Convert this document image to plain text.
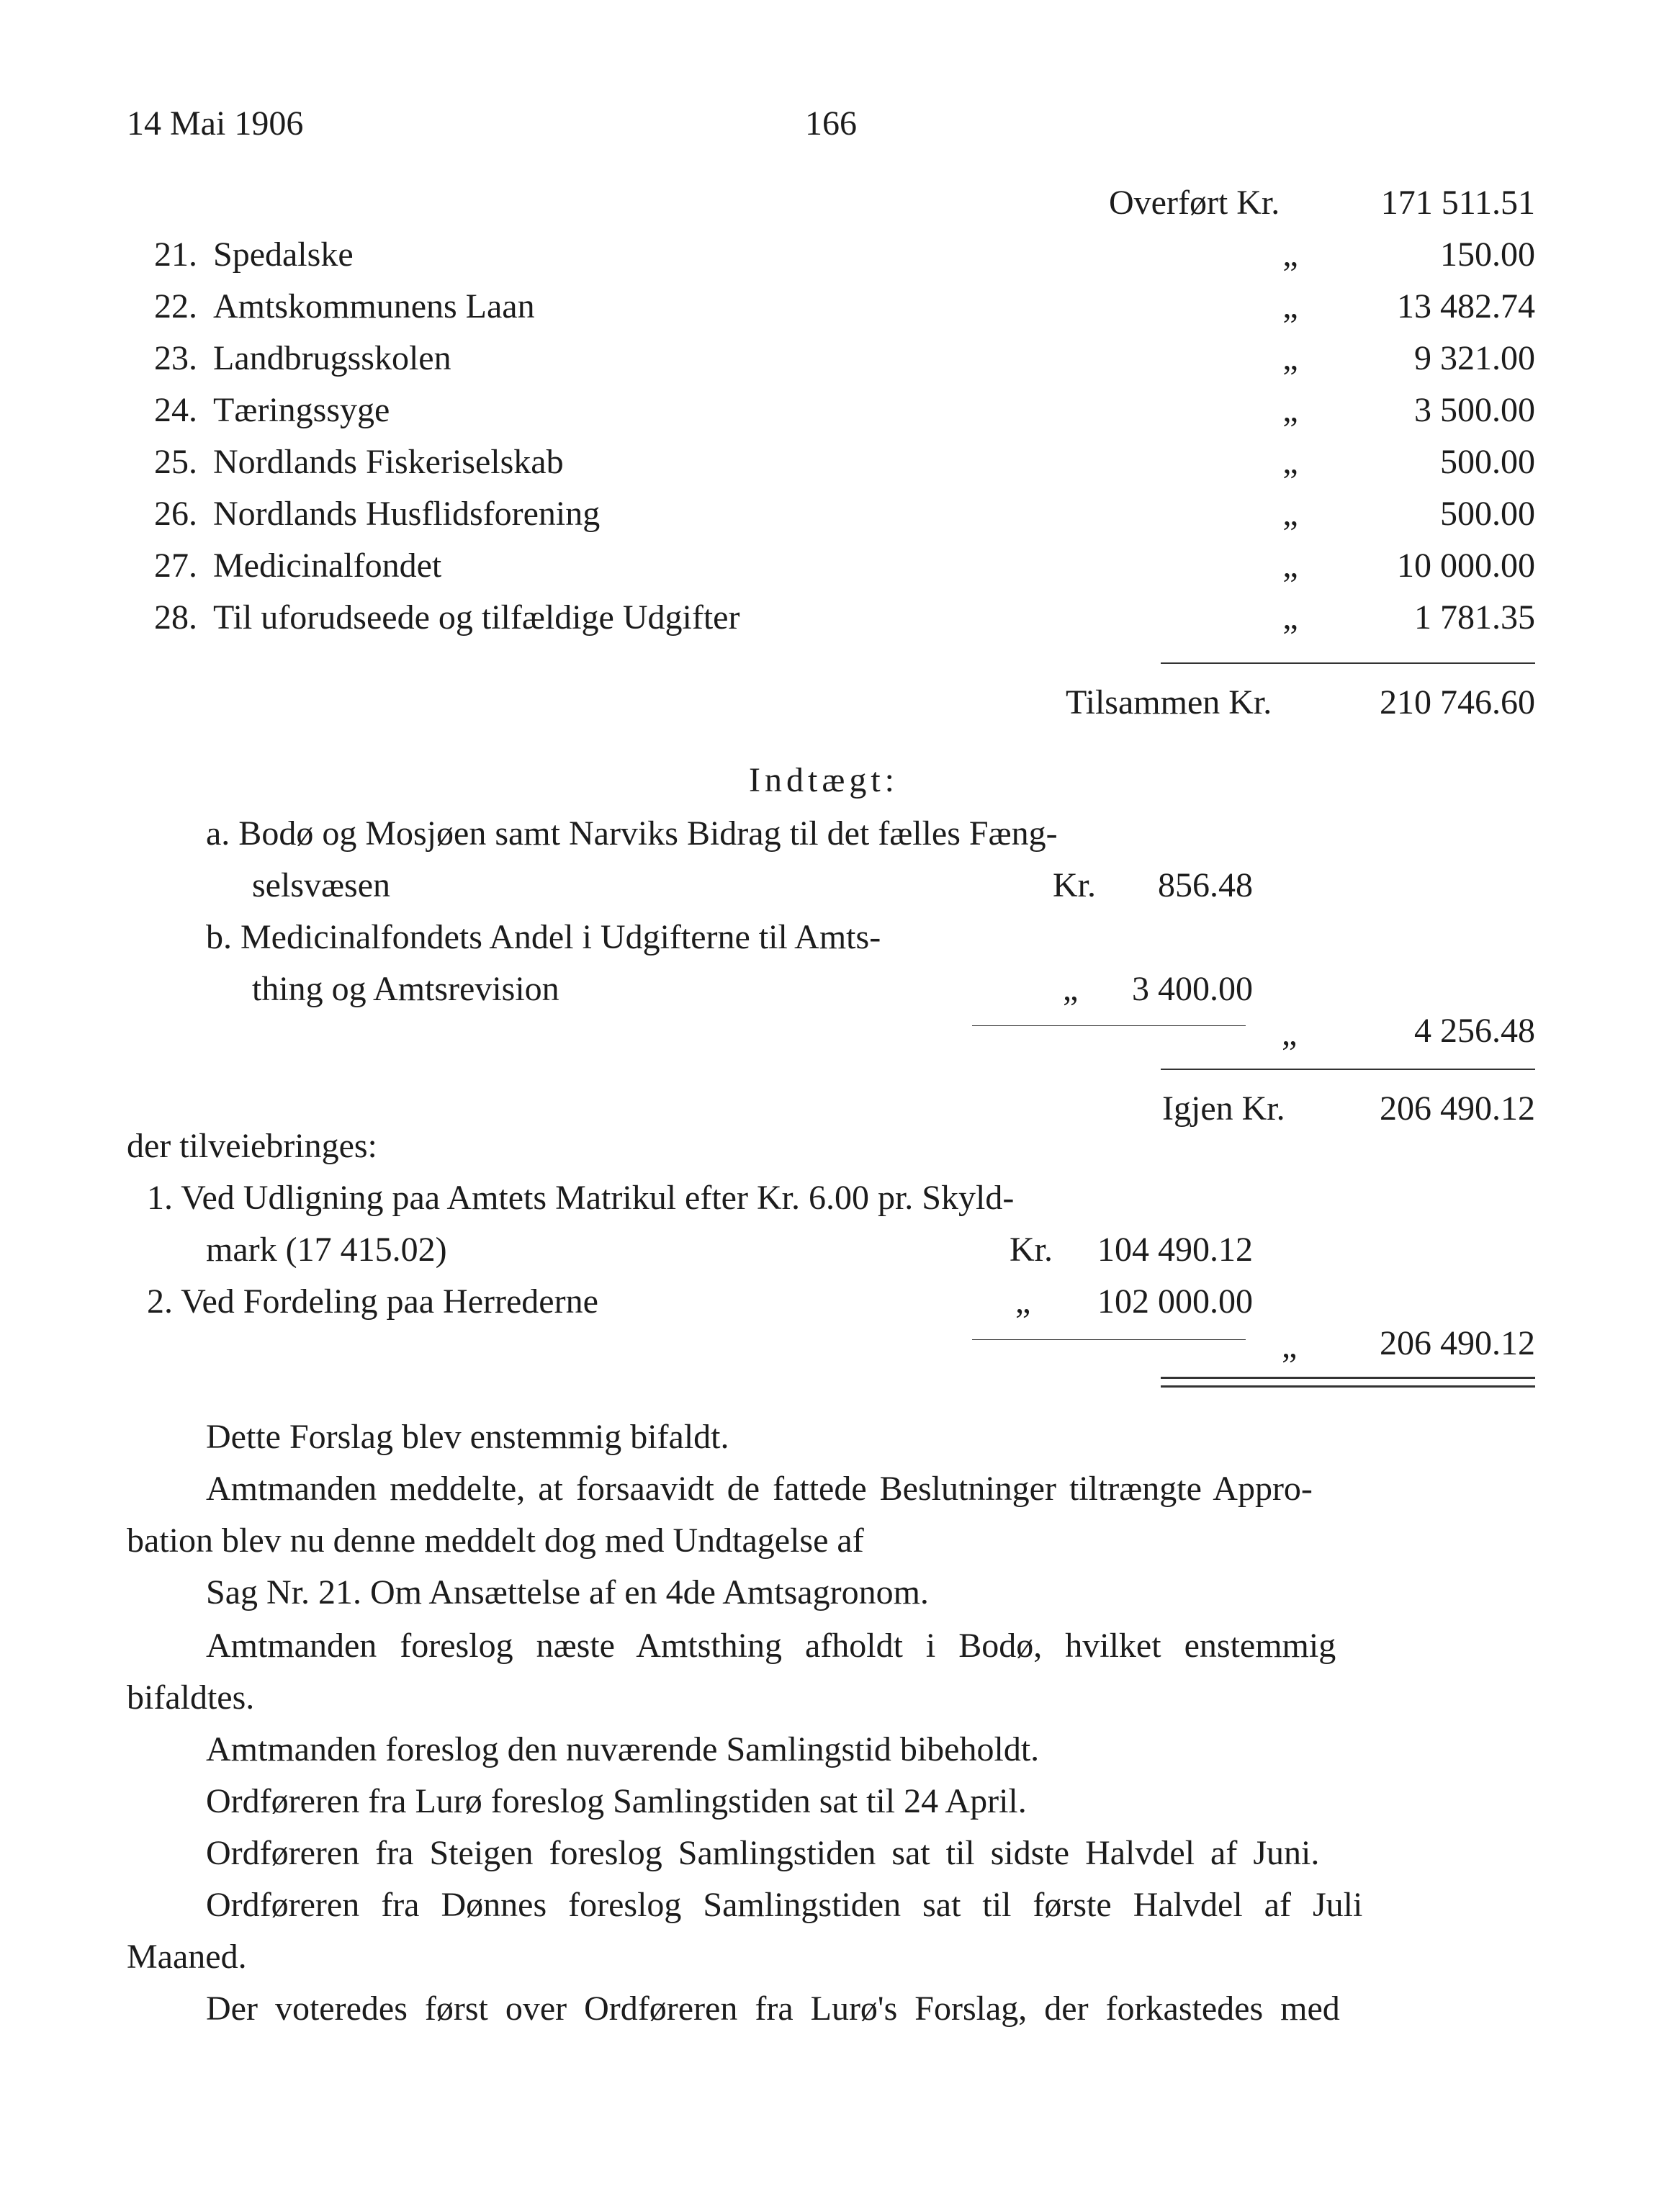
14 Mai 1906	166
Overført Kr.	171 511.51
21. Spedalske	„	150.00
22. Amtskommunens Laan	„	13 482.74
23. Landbrugsskolen	„	9 321.00
24. Tæringssyge	„	3 500.00
25. Nordlands Fiskeriselskab	„	500.00
26. Nordlands Husflidsforening	„	500.00
27. Medicinalfondet	„	10 000.00
28. Til uforudseede og tilfældige Udgifter	„	1 781.35
Tilsammen Kr.	210 746.60
Indtægt:
a. Bodø og Mosjøen samt Narviks Bidrag til det fælles Fæng-
selsvæsen	Kr. 856.48
b. Medicinalfondets Andel i Udgifterne til Amts-
thing og Amtsrevision	„ 3 400.00
„	4 256.48
Igjen Kr.	206 490.12
der tilveiebringes:
1. Ved Udligning paa Amtets Matrikul efter Kr. 6.00 pr. Skyld-
mark (17 415.02)	Kr. 104 490.12
2. Ved Fordeling paa Herrederne	„ 102 000.00
„ 206 490.12
Dette Forslag blev enstemmig bifaldt.
Amtmanden meddelte, at forsaavidt de fattede Beslutninger tiltrængte Appro-
bation blev nu denne meddelt dog med Undtagelse af
Sag Nr. 21. Om Ansættelse af en 4de Amtsagronom.
Amtmanden foreslog næste Amtsthing afholdt i Bodø, hvilket enstemmig
bifaldtes.
Amtmanden foreslog den nuværende Samlingstid bibeholdt.
Ordføreren fra Lurø foreslog Samlingstiden sat til 24 April.
Ordføreren fra Steigen foreslog Samlingstiden sat til sidste Halvdel af Juni.
Ordføreren fra Dønnes foreslog Samlingstiden sat til første Halvdel af Juli
Maaned.
Der voteredes først over Ordføreren fra Lurø's Forslag, der forkastedes med
